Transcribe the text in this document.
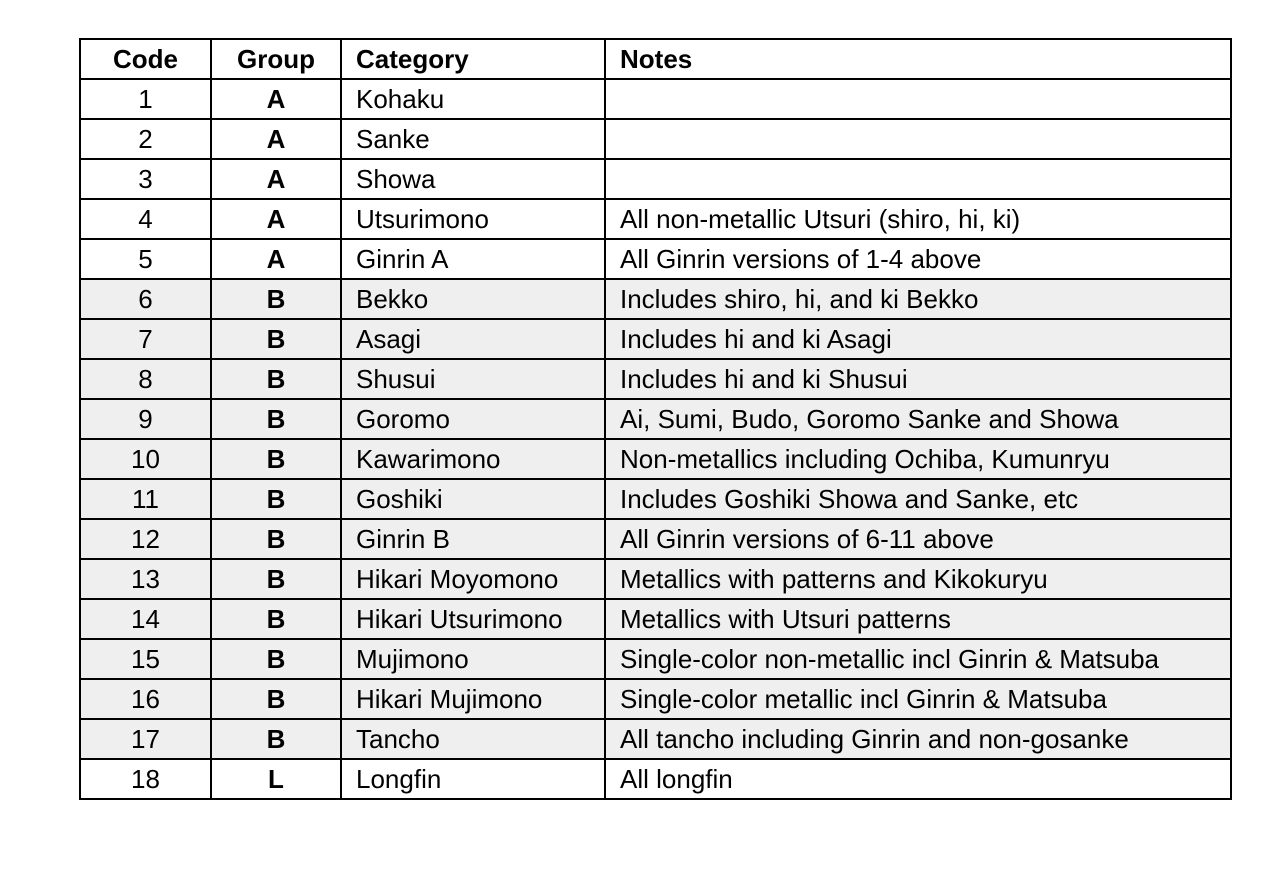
Code	Group	Category	Notes
1	A	Kohaku	
2	A	Sanke	
3	A	Showa	
4	A	Utsurimono	All non-metallic Utsuri (shiro, hi, ki)
5	A	Ginrin A	All Ginrin versions of 1-4 above
6	B	Bekko	Includes shiro, hi, and ki Bekko
7	B	Asagi	Includes hi and ki Asagi
8	B	Shusui	Includes hi and ki Shusui
9	B	Goromo	Ai, Sumi, Budo, Goromo Sanke and Showa
10	B	Kawarimono	Non-metallics including Ochiba, Kumunryu
11	B	Goshiki	Includes Goshiki Showa and Sanke, etc
12	B	Ginrin B	All Ginrin versions of 6-11 above
13	B	Hikari Moyomono	Metallics with patterns and Kikokuryu
14	B	Hikari Utsurimono	Metallics with Utsuri patterns
15	B	Mujimono	Single-color non-metallic incl Ginrin & Matsuba
16	B	Hikari Mujimono	Single-color metallic incl Ginrin & Matsuba
17	B	Tancho	All tancho including Ginrin and non-gosanke
18	L	Longfin	All longfin
